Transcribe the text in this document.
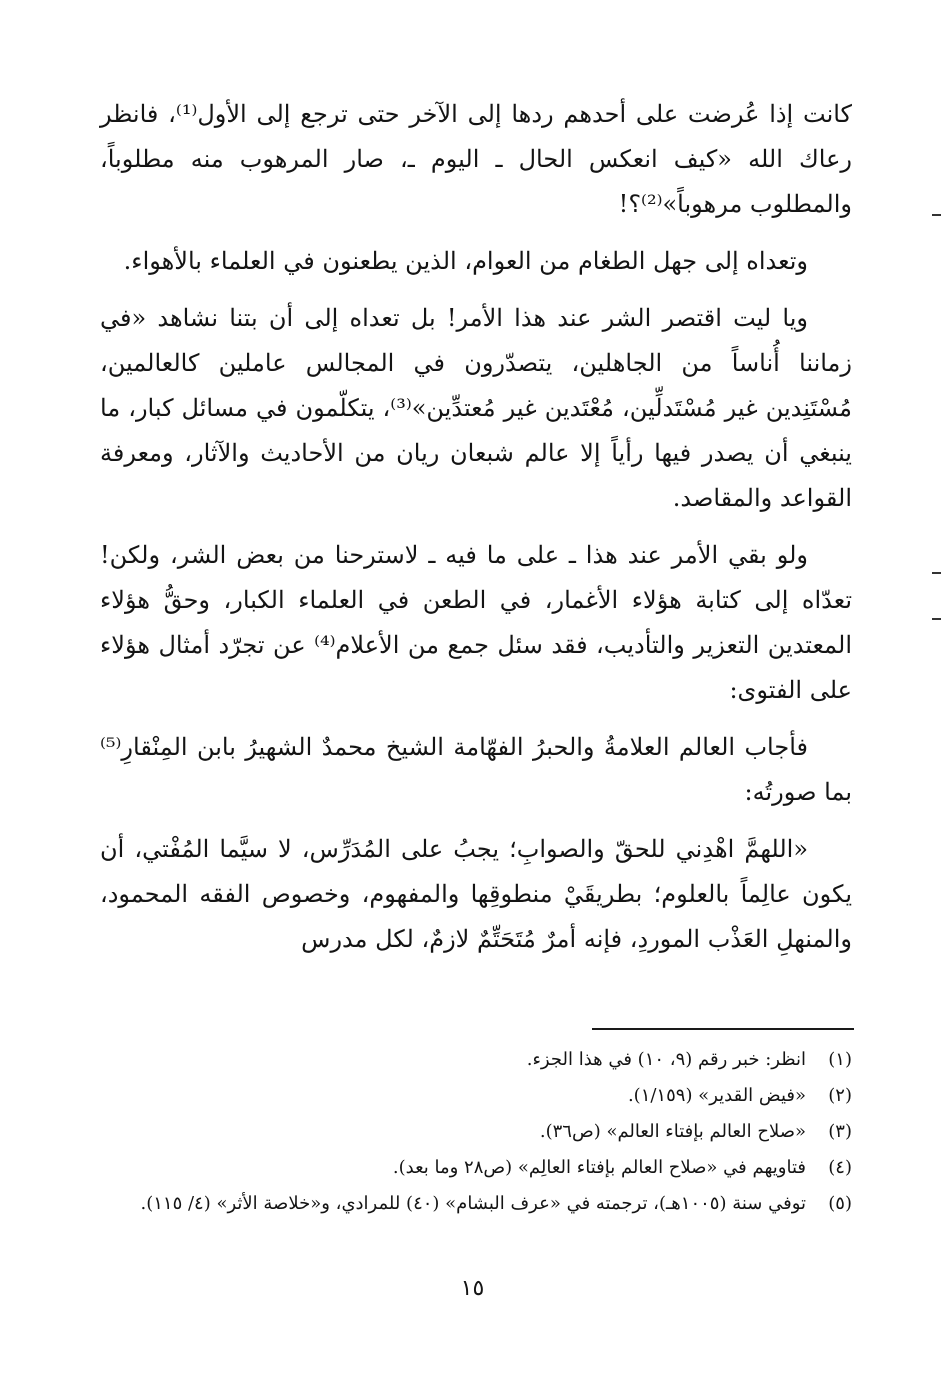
كانت إذا عُرضت على أحدهم ردها إلى الآخر حتى ترجع إلى الأول⁽¹⁾، فانظر رعاك الله «كيف انعكس الحال ـ اليوم ـ، صار المرهوب منه مطلوباً، والمطلوب مرهوباً»⁽²⁾؟!

وتعداه إلى جهل الطغام من العوام، الذين يطعنون في العلماء بالأهواء.

ويا ليت اقتصر الشر عند هذا الأمر! بل تعداه إلى أن بتنا نشاهد «في زماننا أُناساً من الجاهلين، يتصدّرون في المجالس عاملين كالعالمين، مُسْتَنِدين غير مُسْتَدلِّين، مُعْتَدين غير مُعتدِّين»⁽³⁾، يتكلّمون في مسائل كبار، ما ينبغي أن يصدر فيها رأياً إلا عالم شبعان ريان من الأحاديث والآثار، ومعرفة القواعد والمقاصد.

ولو بقي الأمر عند هذا ـ على ما فيه ـ لاسترحنا من بعض الشر، ولكن! تعدّاه إلى كتابة هؤلاء الأغمار، في الطعن في العلماء الكبار، وحقُّ هؤلاء المعتدين التعزير والتأديب، فقد سئل جمع من الأعلام⁽⁴⁾ عن تجرّد أمثال هؤلاء على الفتوى:

فأجاب العالم العلامةُ والحبرُ الفهّامة الشيخ محمدٌ الشهيرُ بابن المِنْقارِ⁽⁵⁾ بما صورتُه:

«اللهمَّ اهْدِني للحقّ والصوابِ؛ يجبُ على المُدَرِّس، لا سيَّما المُفْتي، أن يكون عالِماً بالعلوم؛ بطريقَيْ منطوقِها والمفهوم، وخصوص الفقه المحمود، والمنهلِ العَذْب الموردِ، فإنه أمرٌ مُتَحَتِّمٌ لازمٌ، لكل مدرس

(١)
انظر: خبر رقم (٩، ١٠) في هذا الجزء.
(٢)
«فيض القدير» (١/١٥٩).
(٣)
«صلاح العالم بإفتاء العالم» (ص٣٦).
(٤)
فتاويهم في «صلاح العالم بإفتاء العالِم» (ص٢٨ وما بعد).
(٥)
توفي سنة (١٠٠٥هـ)، ترجمته في «عرف البشام» (٤٠) للمرادي، و«خلاصة الأثر» (٤/ ١١٥).
١٥
